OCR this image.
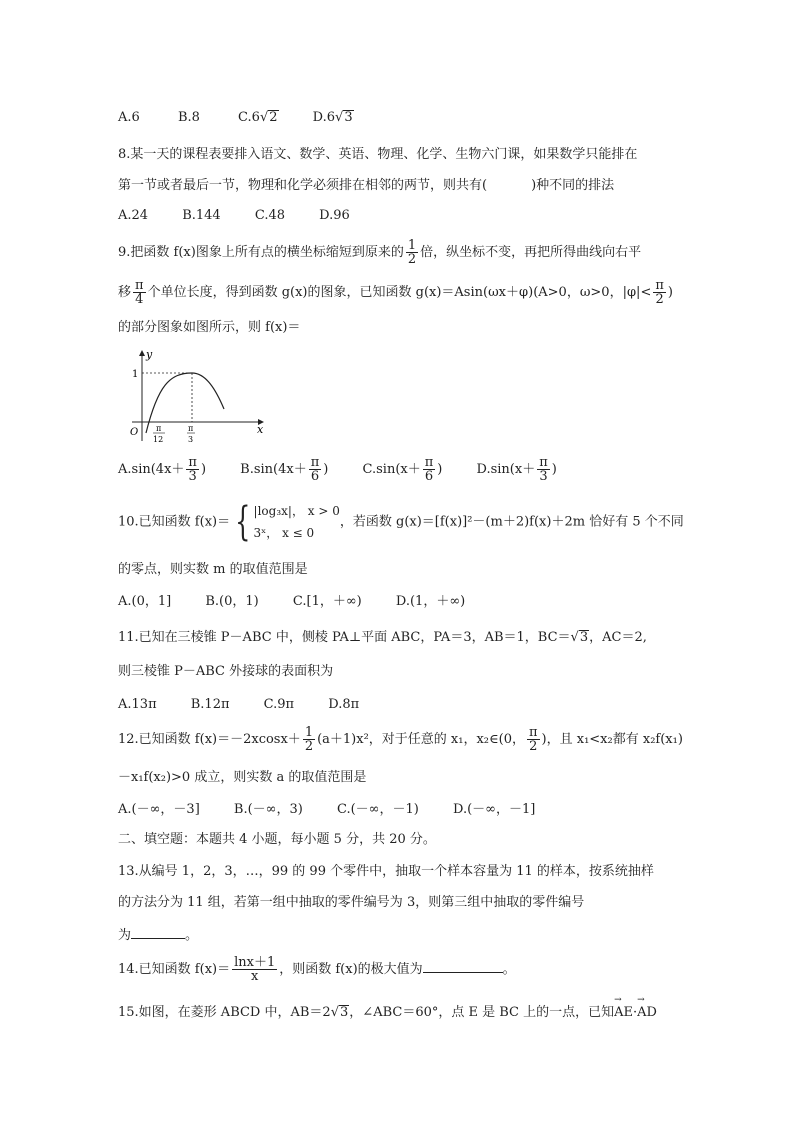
A.6	B.8	C.6√2	D.6√3
8.某一天的课程表要排入语文、数学、英语、物理、化学、生物六门课，如果数学只能排在
第一节或者最后一节，物理和化学必须排在相邻的两节，则共有(	)种不同的排法
A.24	B.144	C.48	D.96
9.把函数 f(x)图象上所有点的横坐标缩短到原来的 $\frac{1}{2}$ 倍，纵坐标不变，再把所得曲线向右平
移 $\frac{\pi}{4}$ 个单位长度，得到函数 g(x)的图象，已知函数 g(x)＝Asin(ωx＋φ)(A>0，ω>0，$|\varphi|< \frac{\pi}{2}$ )
的部分图象如图所示，则 f(x)＝
y
x
O
1
π
12
π
3
$A.\sin(4x+ \frac{\pi}{3}$ )	$B.\sin(4x+ \frac{\pi}{6}$ )	$C.\sin(x+ \frac{\pi}{6}$ )	$D.\sin(x+ \frac{\pi}{3}$ )
10.已知函数 f(x)＝ { |log₃x|， x > 0
3ˣ， x ≤ 0
，若函数 g(x)＝[f(x)]²－(m＋2)f(x)＋2m 恰好有 5 个不同
的零点，则实数 m 的取值范围是
A.(0，1]	B.(0，1)	C.[1，＋∞)	D.(1，＋∞)
11.已知在三棱锥 P－ABC 中，侧棱 PA⊥平面 ABC，PA＝3，AB＝1，BC＝√3，AC＝2,
则三棱锥 P－ABC 外接球的表面积为
A.13π	B.12π	C.9π	D.8π
12.已知函数 $f(x)=-2xcosx+ \frac{1}{2} (a+1)x^2$，对于任意的 x₁，x₂∈(0， $\frac{\pi}{2}$ )，且 x₁<x₂都有 x₂f(x₁)
－x₁f(x₂)>0 成立，则实数 a 的取值范围是
A.(－∞，－3]	B.(－∞，3)	C.(－∞，－1)	D.(－∞，－1]
二、填空题：本题共 4 小题，每小题 5 分，共 20 分。
13.从编号 1，2，3，…，99 的 99 个零件中，抽取一个样本容量为 11 的样本，按系统抽样
的方法分为 11 组，若第一组中抽取的零件编号为 3，则第三组中抽取的零件编号
为	。
14.已知函数 $f(x)= \frac{\ln x+1}{x}$ ，则函数 f(x)的极大值为	。
15.如图，在菱形 ABCD 中，AB＝2√3，∠ABC＝60°，点 E 是 BC 上的一点，已知→ AE·→ AD
